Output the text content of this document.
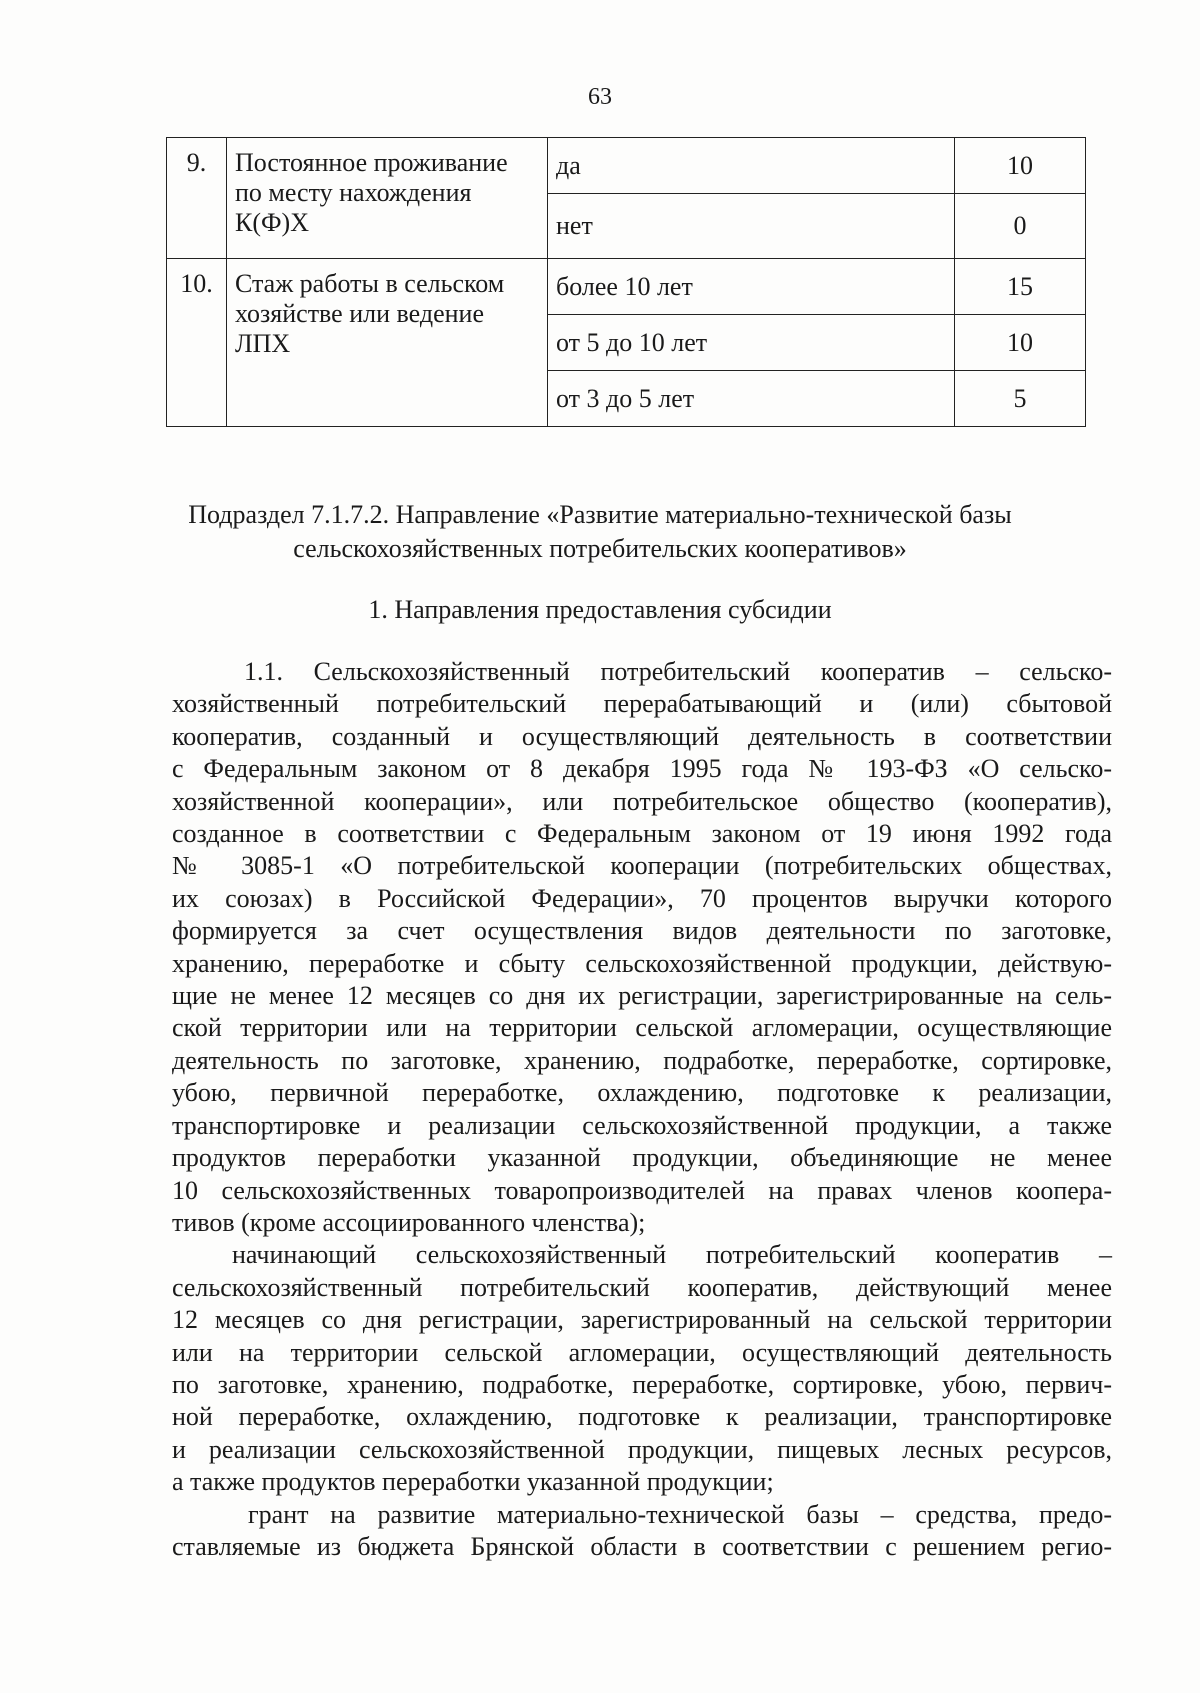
63
9.	Постоянное проживание по месту нахождения К(Ф)Х	да	10
		нет	0
10.	Стаж работы в сельском хозяйстве или ведение ЛПХ	более 10 лет	15
		от 5 до 10 лет	10
		от 3 до 5 лет	5
Подраздел 7.1.7.2. Направление «Развитие материально-технической базы
сельскохозяйственных потребительских кооперативов»
1. Направления предоставления субсидии

1.1. Сельскохозяйственный потребительский кооператив – сельско-

хозяйственный потребительский перерабатывающий и (или) сбытовой

кооператив, созданный и осуществляющий деятельность в соответствии

с Федеральным законом от 8 декабря 1995 года № 193-ФЗ «О сельско-

хозяйственной кооперации», или потребительское общество (кооператив),

созданное в соответствии с Федеральным законом от 19 июня 1992 года

№ 3085-1 «О потребительской кооперации (потребительских обществах,

их союзах) в Российской Федерации», 70 процентов выручки которого

формируется за счет осуществления видов деятельности по заготовке,

хранению, переработке и сбыту сельскохозяйственной продукции, действую-

щие не менее 12 месяцев со дня их регистрации, зарегистрированные на сель-

ской территории или на территории сельской агломерации, осуществляющие

деятельность по заготовке, хранению, подработке, переработке, сортировке,

убою, первичной переработке, охлаждению, подготовке к реализации,

транспортировке и реализации сельскохозяйственной продукции, а также

продуктов переработки указанной продукции, объединяющие не менее

10 сельскохозяйственных товаропроизводителей на правах членов коопера-

тивов (кроме ассоциированного членства);

начинающий сельскохозяйственный потребительский кооператив –

сельскохозяйственный потребительский кооператив, действующий менее

12 месяцев со дня регистрации, зарегистрированный на сельской территории

или на территории сельской агломерации, осуществляющий деятельность

по заготовке, хранению, подработке, переработке, сортировке, убою, первич-

ной переработке, охлаждению, подготовке к реализации, транспортировке

и реализации сельскохозяйственной продукции, пищевых лесных ресурсов,

а также продуктов переработки указанной продукции;

грант на развитие материально-технической базы – средства, предо-

ставляемые из бюджета Брянской области в соответствии с решением регио-
